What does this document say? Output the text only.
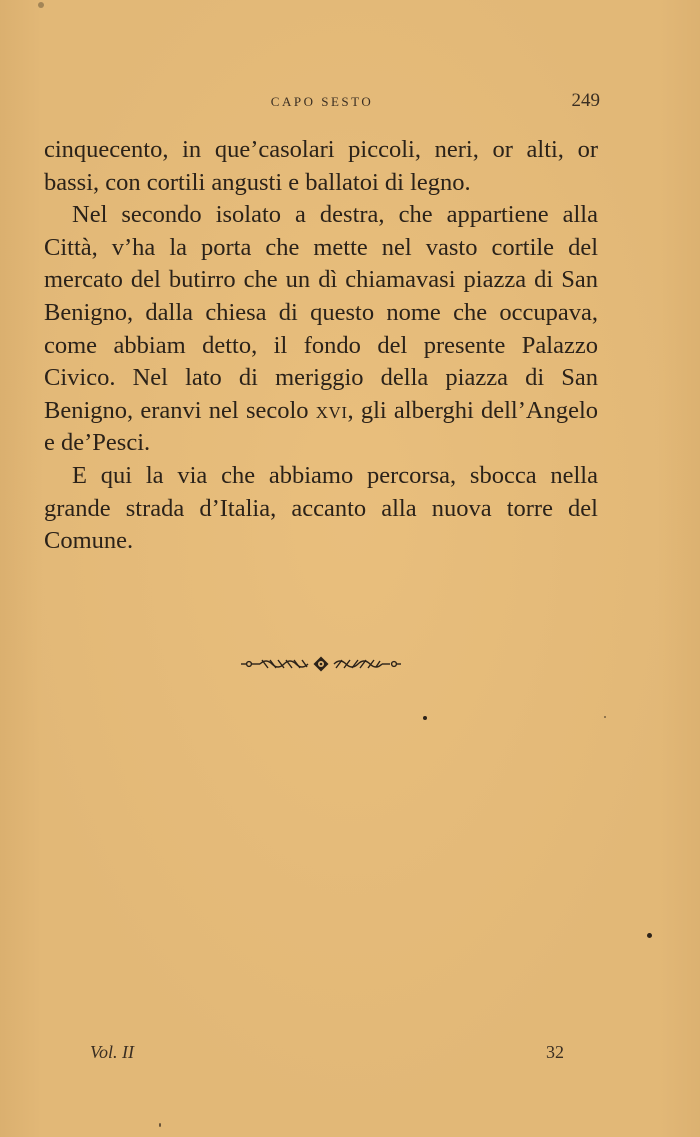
CAPO SESTO	249

cinquecento, in que’casolari piccoli, neri, or alti, or bassi, con cortili angusti e ballatoi di legno.

Nel secondo isolato a destra, che appartiene alla Città, v’ha la porta che mette nel vasto cortile del mercato del butirro che un dì chiamavasi piazza di San Benigno, dalla chiesa di questo nome che occupava, come abbiam detto, il fondo del presente Palazzo Civico. Nel lato di meriggio della piazza di San Benigno, eranvi nel secolo xvi, gli alberghi dell’Angelo e de’Pesci.

E qui la via che abbiamo percorsa, sbocca nella grande strada d’Italia, accanto alla nuova torre del Comune.

Vol. II	32
